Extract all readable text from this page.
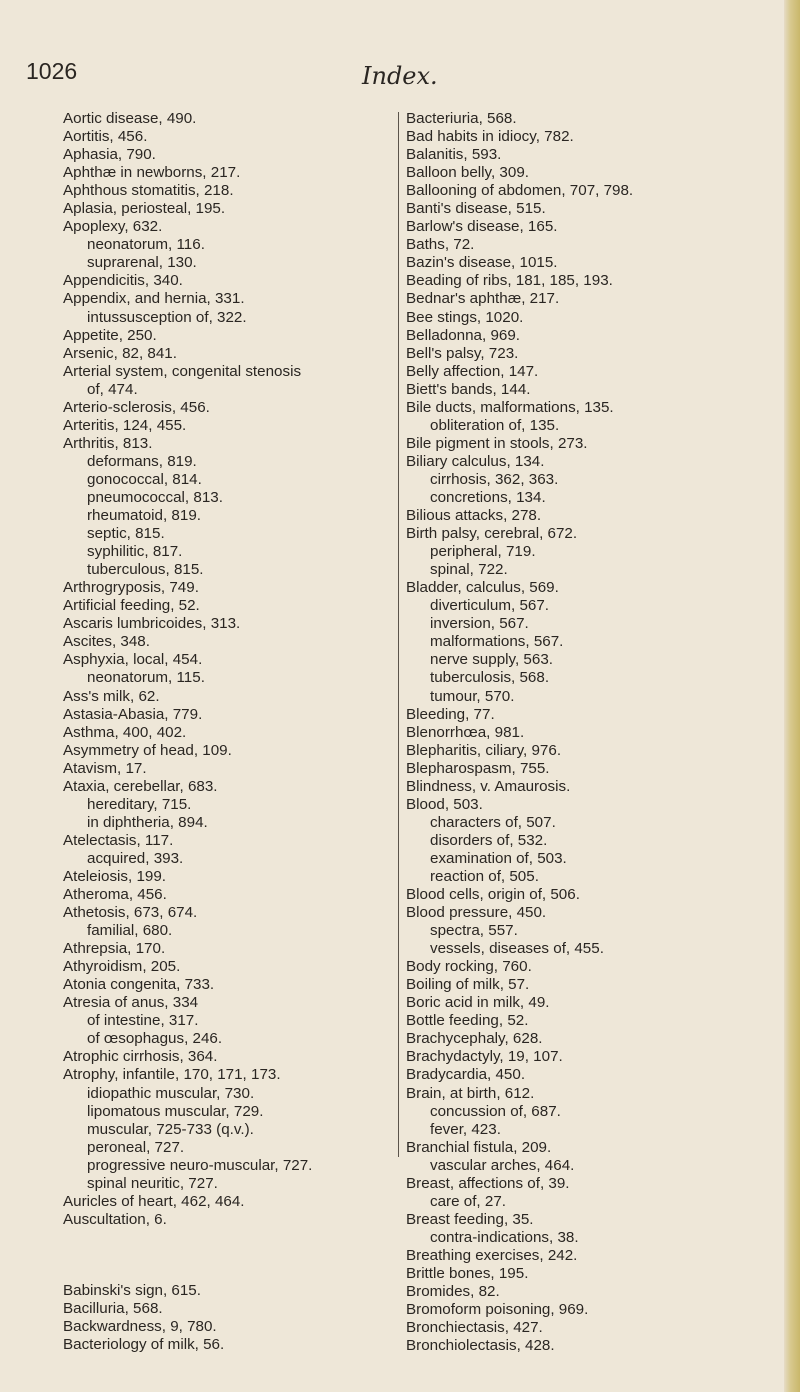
1026	Index.
Aortic disease, 490.
Aortitis, 456.
Aphasia, 790.
Aphthæ in newborns, 217.
Aphthous stomatitis, 218.
Aplasia, periosteal, 195.
Apoplexy, 632.
neonatorum, 116.
suprarenal, 130.
Appendicitis, 340.
Appendix, and hernia, 331.
intussusception of, 322.
Appetite, 250.
Arsenic, 82, 841.
Arterial system, congenital stenosis
of, 474.
Arterio-sclerosis, 456.
Arteritis, 124, 455.
Arthritis, 813.
deformans, 819.
gonococcal, 814.
pneumococcal, 813.
rheumatoid, 819.
septic, 815.
syphilitic, 817.
tuberculous, 815.
Arthrogryposis, 749.
Artificial feeding, 52.
Ascaris lumbricoides, 313.
Ascites, 348.
Asphyxia, local, 454.
neonatorum, 115.
Ass's milk, 62.
Astasia-Abasia, 779.
Asthma, 400, 402.
Asymmetry of head, 109.
Atavism, 17.
Ataxia, cerebellar, 683.
hereditary, 715.
in diphtheria, 894.
Atelectasis, 117.
acquired, 393.
Ateleiosis, 199.
Atheroma, 456.
Athetosis, 673, 674.
familial, 680.
Athrepsia, 170.
Athyroidism, 205.
Atonia congenita, 733.
Atresia of anus, 334
of intestine, 317.
of œsophagus, 246.
Atrophic cirrhosis, 364.
Atrophy, infantile, 170, 171, 173.
idiopathic muscular, 730.
lipomatous muscular, 729.
muscular, 725-733 (q.v.).
peroneal, 727.
progressive neuro-muscular, 727.
spinal neuritic, 727.
Auricles of heart, 462, 464.
Auscultation, 6.
Babinski's sign, 615.
Bacilluria, 568.
Backwardness, 9, 780.
Bacteriology of milk, 56.
Bacteriuria, 568.
Bad habits in idiocy, 782.
Balanitis, 593.
Balloon belly, 309.
Ballooning of abdomen, 707, 798.
Banti's disease, 515.
Barlow's disease, 165.
Baths, 72.
Bazin's disease, 1015.
Beading of ribs, 181, 185, 193.
Bednar's aphthæ, 217.
Bee stings, 1020.
Belladonna, 969.
Bell's palsy, 723.
Belly affection, 147.
Biett's bands, 144.
Bile ducts, malformations, 135.
obliteration of, 135.
Bile pigment in stools, 273.
Biliary calculus, 134.
cirrhosis, 362, 363.
concretions, 134.
Bilious attacks, 278.
Birth palsy, cerebral, 672.
peripheral, 719.
spinal, 722.
Bladder, calculus, 569.
diverticulum, 567.
inversion, 567.
malformations, 567.
nerve supply, 563.
tuberculosis, 568.
tumour, 570.
Bleeding, 77.
Blenorrhœa, 981.
Blepharitis, ciliary, 976.
Blepharospasm, 755.
Blindness, v. Amaurosis.
Blood, 503.
characters of, 507.
disorders of, 532.
examination of, 503.
reaction of, 505.
Blood cells, origin of, 506.
Blood pressure, 450.
spectra, 557.
vessels, diseases of, 455.
Body rocking, 760.
Boiling of milk, 57.
Boric acid in milk, 49.
Bottle feeding, 52.
Brachycephaly, 628.
Brachydactyly, 19, 107.
Bradycardia, 450.
Brain, at birth, 612.
concussion of, 687.
fever, 423.
Branchial fistula, 209.
vascular arches, 464.
Breast, affections of, 39.
care of, 27.
Breast feeding, 35.
contra-indications, 38.
Breathing exercises, 242.
Brittle bones, 195.
Bromides, 82.
Bromoform poisoning, 969.
Bronchiectasis, 427.
Bronchiolectasis, 428.
